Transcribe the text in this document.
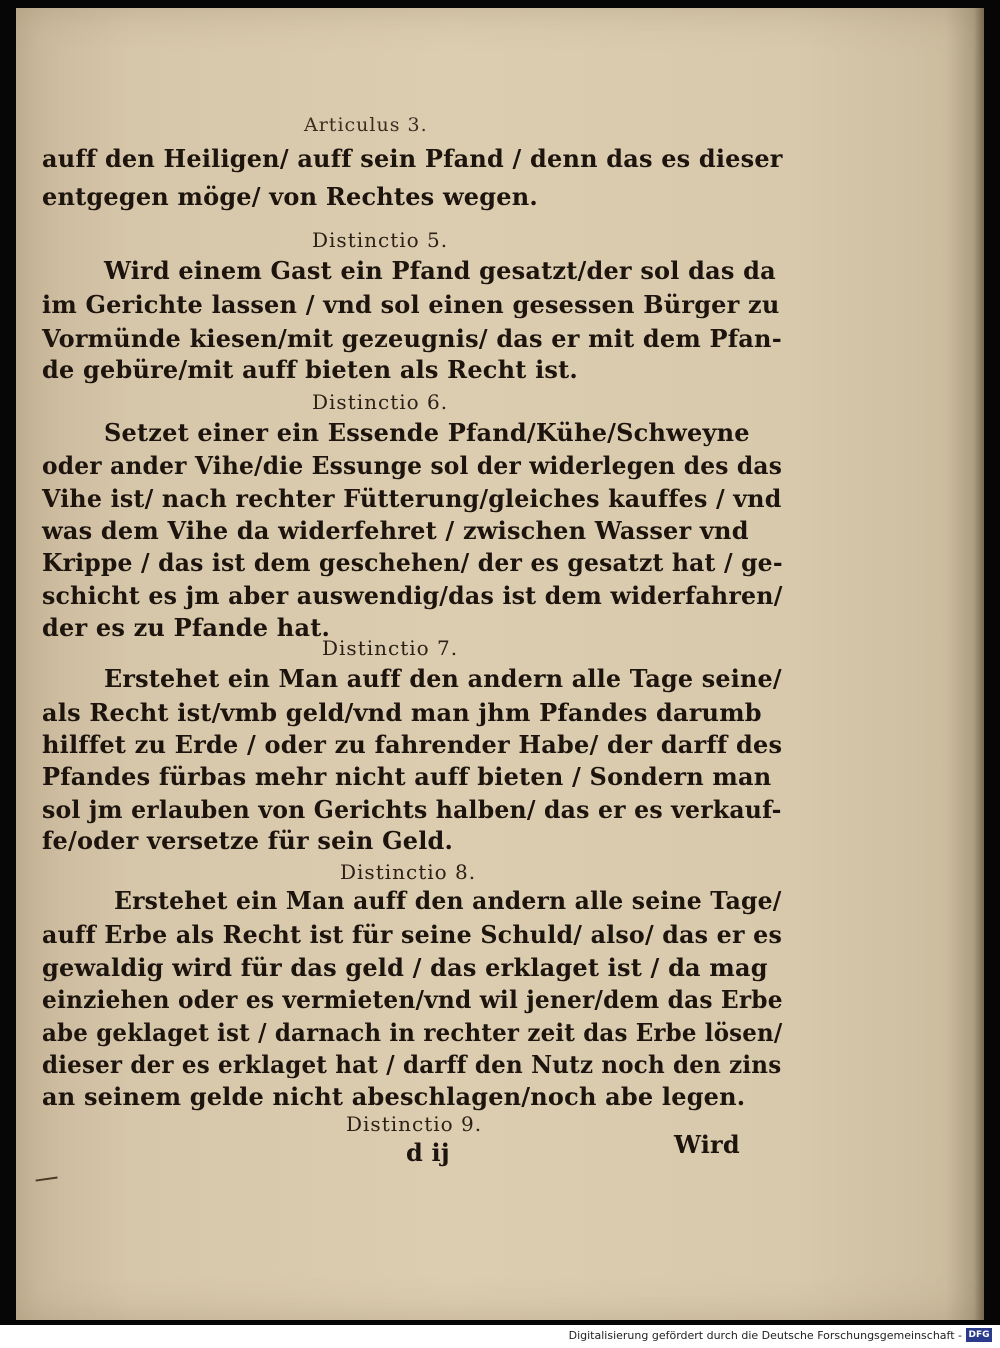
Articulus 3.
auff den Heiligen/ auff sein Pfand / denn das es dieser
entgegen möge/ von Rechtes wegen.
Distinctio 5.
Wird einem Gast ein Pfand gesatzt/der sol das da
im Gerichte lassen / vnd sol einen gesessen Bürger zu
Vormünde kiesen/mit gezeugnis/ das er mit dem Pfan-
de gebüre/mit auff bieten als Recht ist.
Distinctio 6.
Setzet einer ein Essende Pfand/Kühe/Schweyne
oder ander Vihe/die Essunge sol der widerlegen des das
Vihe ist/ nach rechter Fütterung/gleiches kauffes / vnd
was dem Vihe da widerfehret / zwischen Wasser vnd
Krippe / das ist dem geschehen/ der es gesatzt hat / ge-
schicht es jm aber auswendig/das ist dem widerfahren/
der es zu Pfande hat.
Distinctio 7.
Erstehet ein Man auff den andern alle Tage seine/
als Recht ist/vmb geld/vnd man jhm Pfandes darumb
hilffet zu Erde / oder zu fahrender Habe/ der darff des
Pfandes fürbas mehr nicht auff bieten / Sondern man
sol jm erlauben von Gerichts halben/ das er es verkauf-
fe/oder versetze für sein Geld.
Distinctio 8.
Erstehet ein Man auff den andern alle seine Tage/
auff Erbe als Recht ist für seine Schuld/ also/ das er es
gewaldig wird für das geld / das erklaget ist / da mag
einziehen oder es vermieten/vnd wil jener/dem das Erbe
abe geklaget ist / darnach in rechter zeit das Erbe lösen/
dieser der es erklaget hat / darff den Nutz noch den zins
an seinem gelde nicht abeschlagen/noch abe legen.
Distinctio 9.
d ij	Wird
Digitalisierung gefördert durch die Deutsche Forschungsgemeinschaft - DFG
